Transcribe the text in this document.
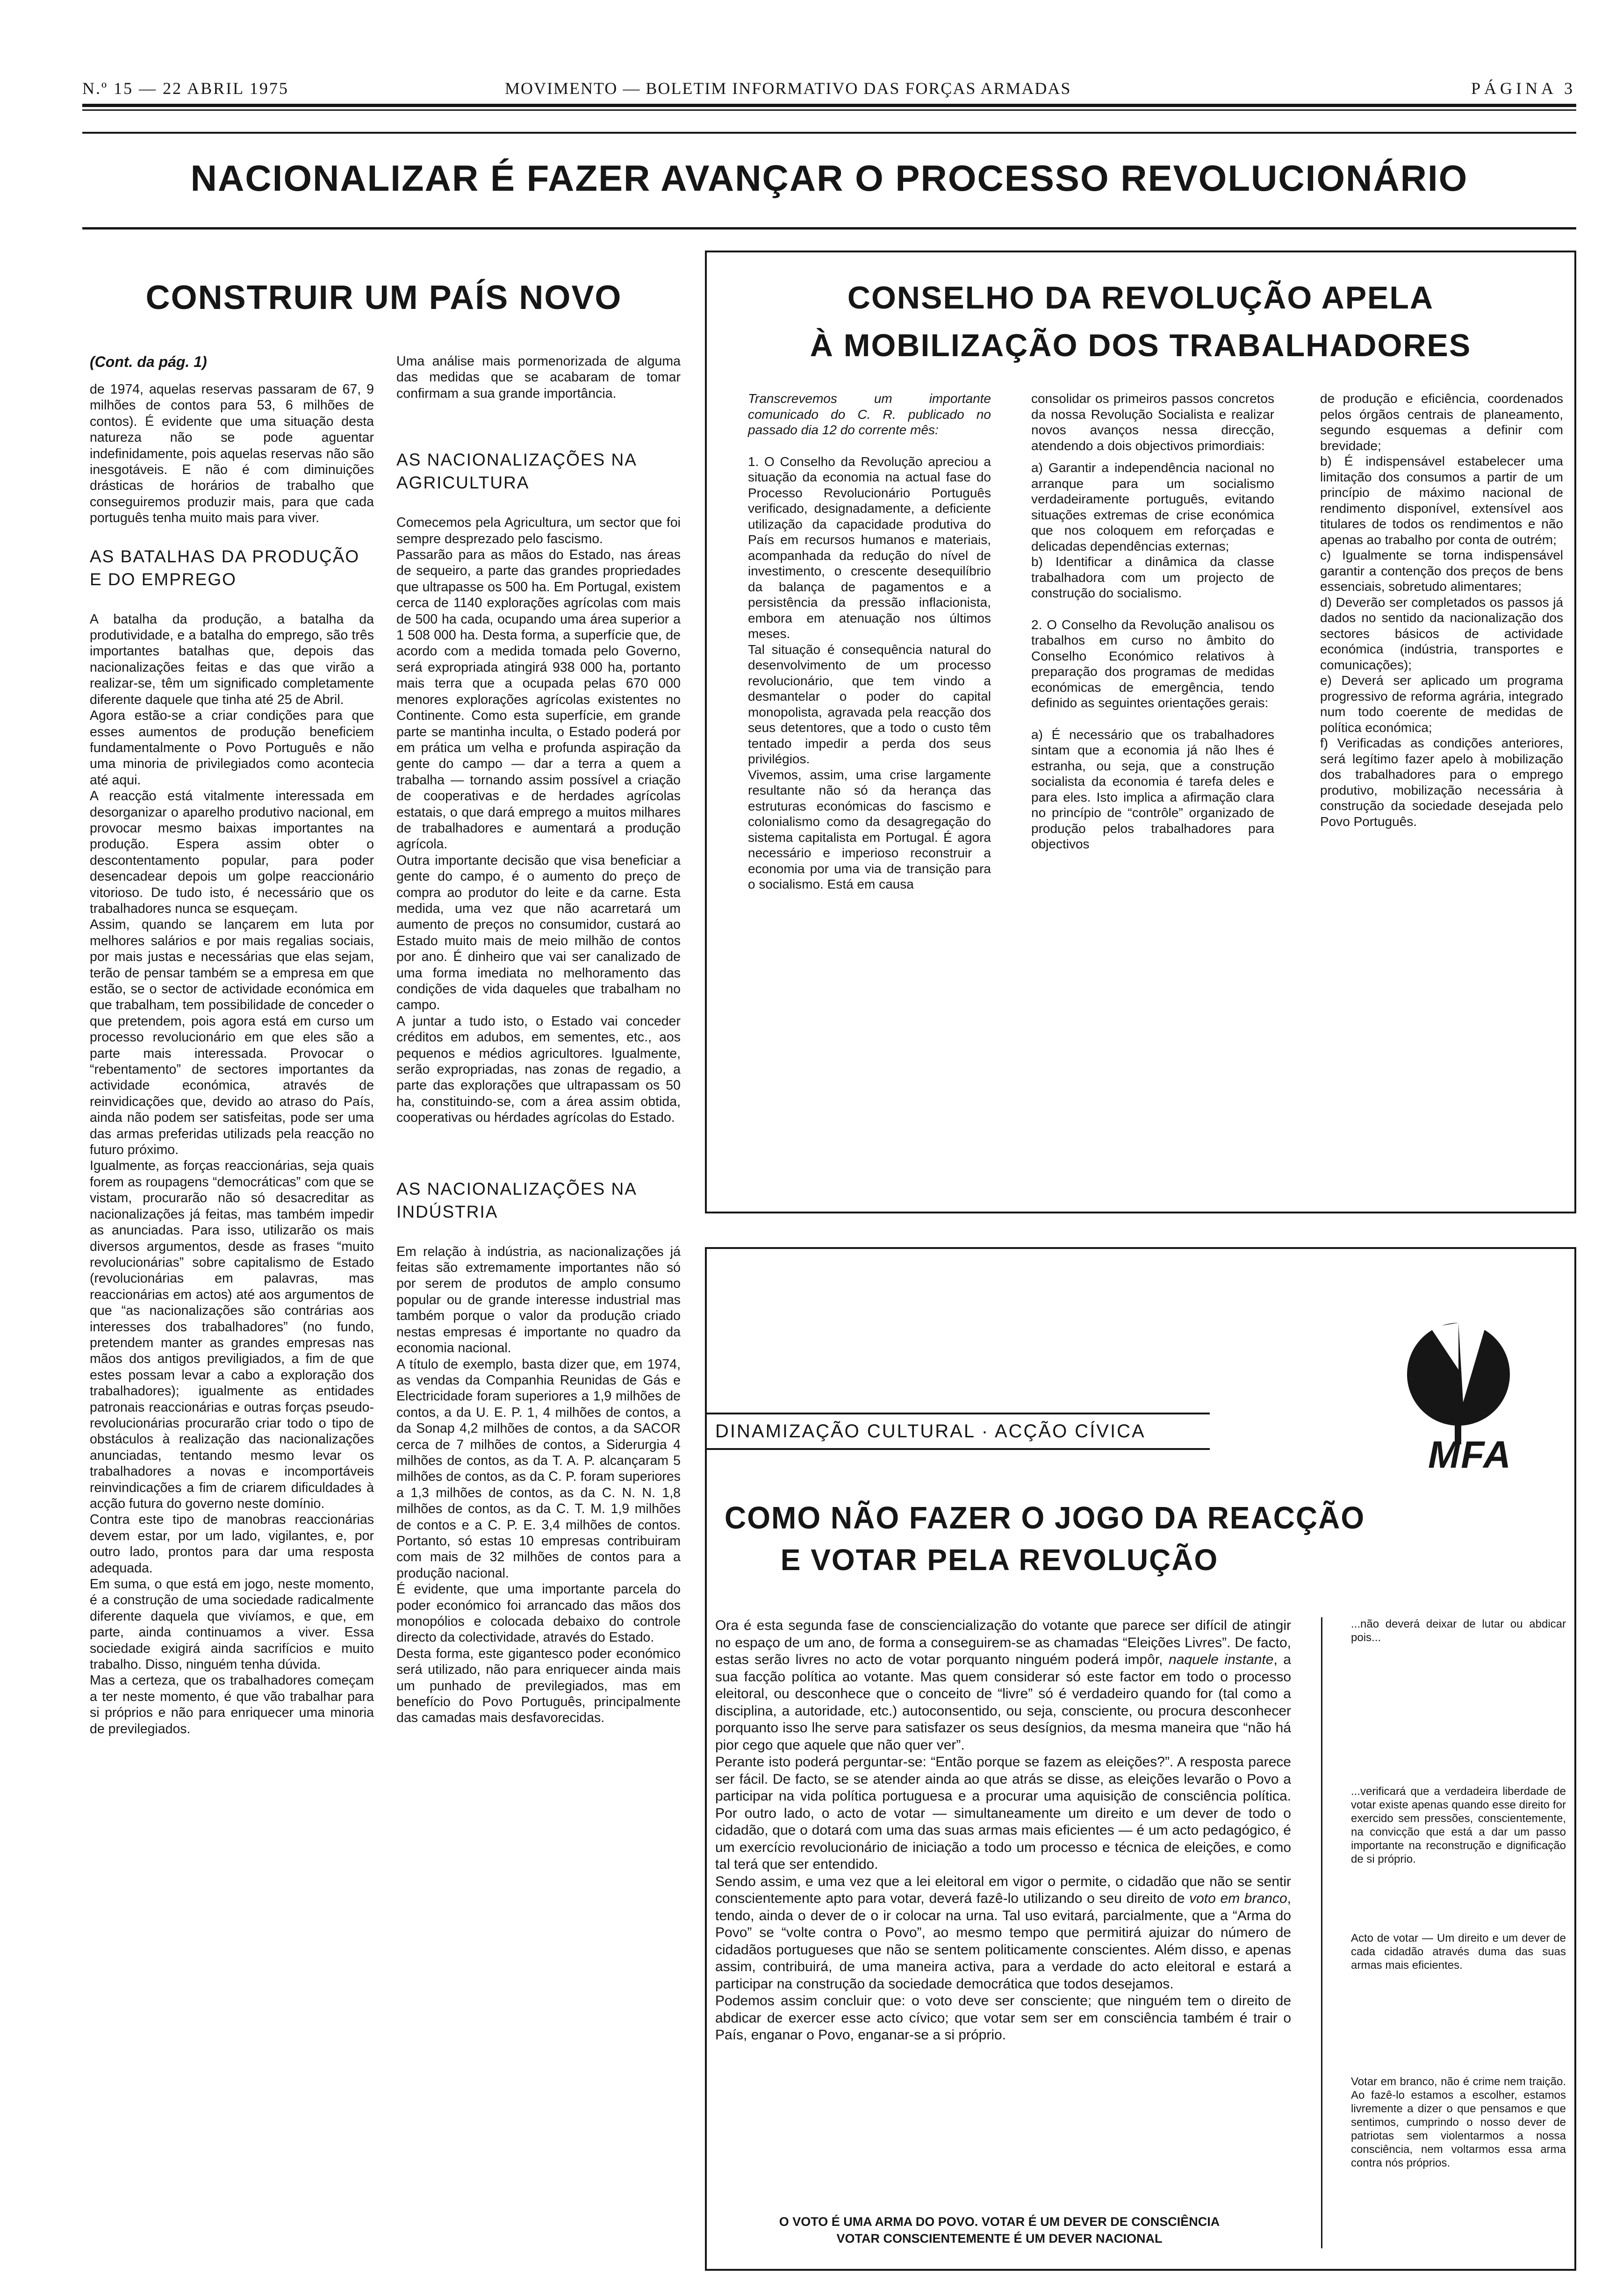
N.º 15 — 22 ABRIL 1975	MOVIMENTO — BOLETIM INFORMATIVO DAS FORÇAS ARMADAS	PÁGINA 3
NACIONALIZAR É FAZER AVANÇAR O PROCESSO REVOLUCIONÁRIO
CONSTRUIR UM PAÍS NOVO
(Cont. da pág. 1)

de 1974, aquelas reservas passaram de 67, 9 milhões de contos para 53, 6 milhões de contos). É evidente que uma situação desta natureza não se pode aguentar indefinidamente, pois aquelas reservas não são inesgotáveis. E não é com diminuições drásticas de horários de trabalho que conseguiremos produzir mais, para que cada português tenha muito mais para viver.

AS BATALHAS DA PRODUÇÃO E DO EMPREGO

A batalha da produção, a batalha da produtividade, e a batalha do emprego, são três importantes batalhas que, depois das nacionalizações feitas e das que virão a realizar-se, têm um significado completamente diferente daquele que tinha até 25 de Abril.

Agora estão-se a criar condições para que esses aumentos de produção beneficiem fundamentalmente o Povo Português e não uma minoria de privilegiados como acontecia até aqui.

A reacção está vitalmente interessada em desorganizar o aparelho produtivo nacional, em provocar mesmo baixas importantes na produção. Espera assim obter o descontentamento popular, para poder desencadear depois um golpe reaccionário vitorioso. De tudo isto, é necessário que os trabalhadores nunca se esqueçam.

Assim, quando se lançarem em luta por melhores salários e por mais regalias sociais, por mais justas e necessárias que elas sejam, terão de pensar também se a empresa em que estão, se o sector de actividade económica em que trabalham, tem possibilidade de conceder o que pretendem, pois agora está em curso um processo revolucionário em que eles são a parte mais interessada. Provocar o “rebentamento” de sectores importantes da actividade económica, através de reinvidicações que, devido ao atraso do País, ainda não podem ser satisfeitas, pode ser uma das armas preferidas utilizads pela reacção no futuro próximo.

Igualmente, as forças reaccionárias, seja quais forem as roupagens “democráticas” com que se vistam, procurarão não só desacreditar as nacionalizações já feitas, mas também impedir as anunciadas. Para isso, utilizarão os mais diversos argumentos, desde as frases “muito revolucionárias” sobre capitalismo de Estado (revolucionárias em palavras, mas reaccionárias em actos) até aos argumentos de que “as nacionalizações são contrárias aos interesses dos trabalhadores” (no fundo, pretendem manter as grandes empresas nas mãos dos antigos previligiados, a fim de que estes possam levar a cabo a exploração dos trabalhadores); igualmente as entidades patronais reaccionárias e outras forças pseudo-revolucionárias procurarão criar todo o tipo de obstáculos à realização das nacionalizações anunciadas, tentando mesmo levar os trabalhadores a novas e incomportáveis reinvindicações a fim de criarem dificuldades à acção futura do governo neste domínio.

Contra este tipo de manobras reaccionárias devem estar, por um lado, vigilantes, e, por outro lado, prontos para dar uma resposta adequada.

Em suma, o que está em jogo, neste momento, é a construção de uma sociedade radicalmente diferente daquela que vivíamos, e que, em parte, ainda continuamos a viver. Essa sociedade exigirá ainda sacrifícios e muito trabalho. Disso, ninguém tenha dúvida.

Mas a certeza, que os trabalhadores começam a ter neste momento, é que vão trabalhar para si próprios e não para enriquecer uma minoria de previlegiados.

Uma análise mais pormenorizada de alguma das medidas que se acabaram de tomar confirmam a sua grande importância.

AS NACIONALIZAÇÕES NA AGRICULTURA

Comecemos pela Agricultura, um sector que foi sempre desprezado pelo fascismo.

Passarão para as mãos do Estado, nas áreas de sequeiro, a parte das grandes propriedades que ultrapasse os 500 ha. Em Portugal, existem cerca de 1140 explorações agrícolas com mais de 500 ha cada, ocupando uma área superior a 1 508 000 ha. Desta forma, a superfície que, de acordo com a medida tomada pelo Governo, será expropriada atingirá 938 000 ha, portanto mais terra que a ocupada pelas 670 000 menores explorações agrícolas existentes no Continente. Como esta superfície, em grande parte se mantinha inculta, o Estado poderá por em prática um velha e profunda aspiração da gente do campo — dar a terra a quem a trabalha — tornando assim possível a criação de cooperativas e de herdades agrícolas estatais, o que dará emprego a muitos milhares de trabalhadores e aumentará a produção agrícola.

Outra importante decisão que visa beneficiar a gente do campo, é o aumento do preço de compra ao produtor do leite e da carne. Esta medida, uma vez que não acarretará um aumento de preços no consumidor, custará ao Estado muito mais de meio milhão de contos por ano. É dinheiro que vai ser canalizado de uma forma imediata no melhoramento das condições de vida daqueles que trabalham no campo.

A juntar a tudo isto, o Estado vai conceder créditos em adubos, em sementes, etc., aos pequenos e médios agricultores. Igualmente, serão expropriadas, nas zonas de regadio, a parte das explorações que ultrapassam os 50 ha, constituindo-se, com a área assim obtida, cooperativas ou hérdades agrícolas do Estado.

AS NACIONALIZAÇÕES NA INDÚSTRIA

Em relação à indústria, as nacionalizações já feitas são extremamente importantes não só por serem de produtos de amplo consumo popular ou de grande interesse industrial mas também porque o valor da produção criado nestas empresas é importante no quadro da economia nacional.

A título de exemplo, basta dizer que, em 1974, as vendas da Companhia Reunidas de Gás e Electricidade foram superiores a 1,9 milhões de contos, a da U. E. P. 1, 4 milhões de contos, a da Sonap 4,2 milhões de contos, a da SACOR cerca de 7 milhões de contos, a Siderurgia 4 milhões de contos, as da T. A. P. alcançaram 5 milhões de contos, as da C. P. foram superiores a 1,3 milhões de contos, as da C. N. N. 1,8 milhões de contos, as da C. T. M. 1,9 milhões de contos e a C. P. E. 3,4 milhões de contos. Portanto, só estas 10 empresas contribuiram com mais de 32 milhões de contos para a produção nacional.

É evidente, que uma importante parcela do poder económico foi arrancado das mãos dos monopólios e colocada debaixo do controle directo da colectividade, através do Estado.

Desta forma, este gigantesco poder económico será utilizado, não para enriquecer ainda mais um punhado de previlegiados, mas em benefício do Povo Português, principalmente das camadas mais desfavorecidas.

CONSELHO DA REVOLUÇÃO APELA
À MOBILIZAÇÃO DOS TRABALHADORES

Transcrevemos um importante comunicado do C. R. publicado no passado dia 12 do corrente mês:

1. O Conselho da Revolução apreciou a situação da economia na actual fase do Processo Revolucionário Português verificado, designadamente, a deficiente utilização da capacidade produtiva do País em recursos humanos e materiais, acompanhada da redução do nível de investimento, o crescente desequilíbrio da balança de pagamentos e a persistência da pressão inflacionista, embora em atenuação nos últimos meses.

Tal situação é consequência natural do desenvolvimento de um processo revolucionário, que tem vindo a desmantelar o poder do capital monopolista, agravada pela reacção dos seus detentores, que a todo o custo têm tentado impedir a perda dos seus privilégios.

Vivemos, assim, uma crise largamente resultante não só da herança das estruturas económicas do fascismo e colonialismo como da desagregação do sistema capitalista em Portugal. É agora necessário e imperioso reconstruir a economia por uma via de transição para o socialismo. Está em causa

consolidar os primeiros passos concretos da nossa Revolução Socialista e realizar novos avanços nessa direcção, atendendo a dois objectivos primordiais:

a) Garantir a independência nacional no arranque para um socialismo verdadeiramente português, evitando situações extremas de crise económica que nos coloquem em reforçadas e delicadas dependências externas;

b) Identificar a dinâmica da classe trabalhadora com um projecto de construção do socialismo.

2. O Conselho da Revolução analisou os trabalhos em curso no âmbito do Conselho Económico relativos à preparação dos programas de medidas económicas de emergência, tendo definido as seguintes orientações gerais:

a) É necessário que os trabalhadores sintam que a economia já não lhes é estranha, ou seja, que a construção socialista da economia é tarefa deles e para eles. Isto implica a afirmação clara no princípio de “contrôle” organizado de produção pelos trabalhadores para objectivos

de produção e eficiência, coordenados pelos órgãos centrais de planeamento, segundo esquemas a definir com brevidade;

b) É indispensável estabelecer uma limitação dos consumos a partir de um princípio de máximo nacional de rendimento disponível, extensível aos titulares de todos os rendimentos e não apenas ao trabalho por conta de outrém;

c) Igualmente se torna indispensável garantir a contenção dos preços de bens essenciais, sobretudo alimentares;

d) Deverão ser completados os passos já dados no sentido da nacionalização dos sectores básicos de actividade económica (indústria, transportes e comunicações);

e) Deverá ser aplicado um programa progressivo de reforma agrária, integrado num todo coerente de medidas de política económica;

f) Verificadas as condições anteriores, será legítimo fazer apelo à mobilização dos trabalhadores para o emprego produtivo, mobilização necessária à construção da sociedade desejada pelo Povo Português.

MFA
DINAMIZAÇÃO CULTURAL · ACÇÃO CÍVICA
COMO NÃO FAZER O JOGO DA REACÇÃO
E VOTAR PELA REVOLUÇÃO

Ora é esta segunda fase de consciencialização do votante que parece ser difícil de atingir no espaço de um ano, de forma a conseguirem-se as chamadas “Eleições Livres”. De facto, estas serão livres no acto de votar porquanto ninguém poderá impôr, naquele instante, a sua facção política ao votante. Mas quem considerar só este factor em todo o processo eleitoral, ou desconhece que o conceito de “livre” só é verdadeiro quando for (tal como a disciplina, a autoridade, etc.) autoconsentido, ou seja, consciente, ou procura desconhecer porquanto isso lhe serve para satisfazer os seus desígnios, da mesma maneira que “não há pior cego que aquele que não quer ver”.

Perante isto poderá perguntar-se: “Então porque se fazem as eleições?”. A resposta parece ser fácil. De facto, se se atender ainda ao que atrás se disse, as eleições levarão o Povo a participar na vida política portuguesa e a procurar uma aquisição de consciência política. Por outro lado, o acto de votar — simultaneamente um direito e um dever de todo o cidadão, que o dotará com uma das suas armas mais eficientes — é um acto pedagógico, é um exercício revolucionário de iniciação a todo um processo e técnica de eleições, e como tal terá que ser entendido.

Sendo assim, e uma vez que a lei eleitoral em vigor o permite, o cidadão que não se sentir conscientemente apto para votar, deverá fazê-lo utilizando o seu direito de voto em branco, tendo, ainda o dever de o ir colocar na urna. Tal uso evitará, parcialmente, que a “Arma do Povo” se “volte contra o Povo”, ao mesmo tempo que permitirá ajuizar do número de cidadãos portugueses que não se sentem politicamente conscientes. Além disso, e apenas assim, contribuirá, de uma maneira activa, para a verdade do acto eleitoral e estará a participar na construção da sociedade democrática que todos desejamos.

Podemos assim concluir que: o voto deve ser consciente; que ninguém tem o direito de abdicar de exercer esse acto cívico; que votar sem ser em consciência também é trair o País, enganar o Povo, enganar-se a si próprio.

O VOTO É UMA ARMA DO POVO. VOTAR É UM DEVER DE CONSCIÊNCIA
VOTAR CONSCIENTEMENTE É UM DEVER NACIONAL

...não deverá deixar de lutar ou abdicar pois...

...verificará que a verdadeira liberdade de votar existe apenas quando esse direito for exercido sem pressões, conscientemente, na convicção que está a dar um passo importante na reconstrução e dignificação de si próprio.

Acto de votar — Um direito e um dever de cada cidadão através duma das suas armas mais eficientes.

Votar em branco, não é crime nem traição. Ao fazê-lo estamos a escolher, estamos livremente a dizer o que pensamos e que sentimos, cumprindo o nosso dever de patriotas sem violentarmos a nossa consciência, nem voltarmos essa arma contra nós próprios.
